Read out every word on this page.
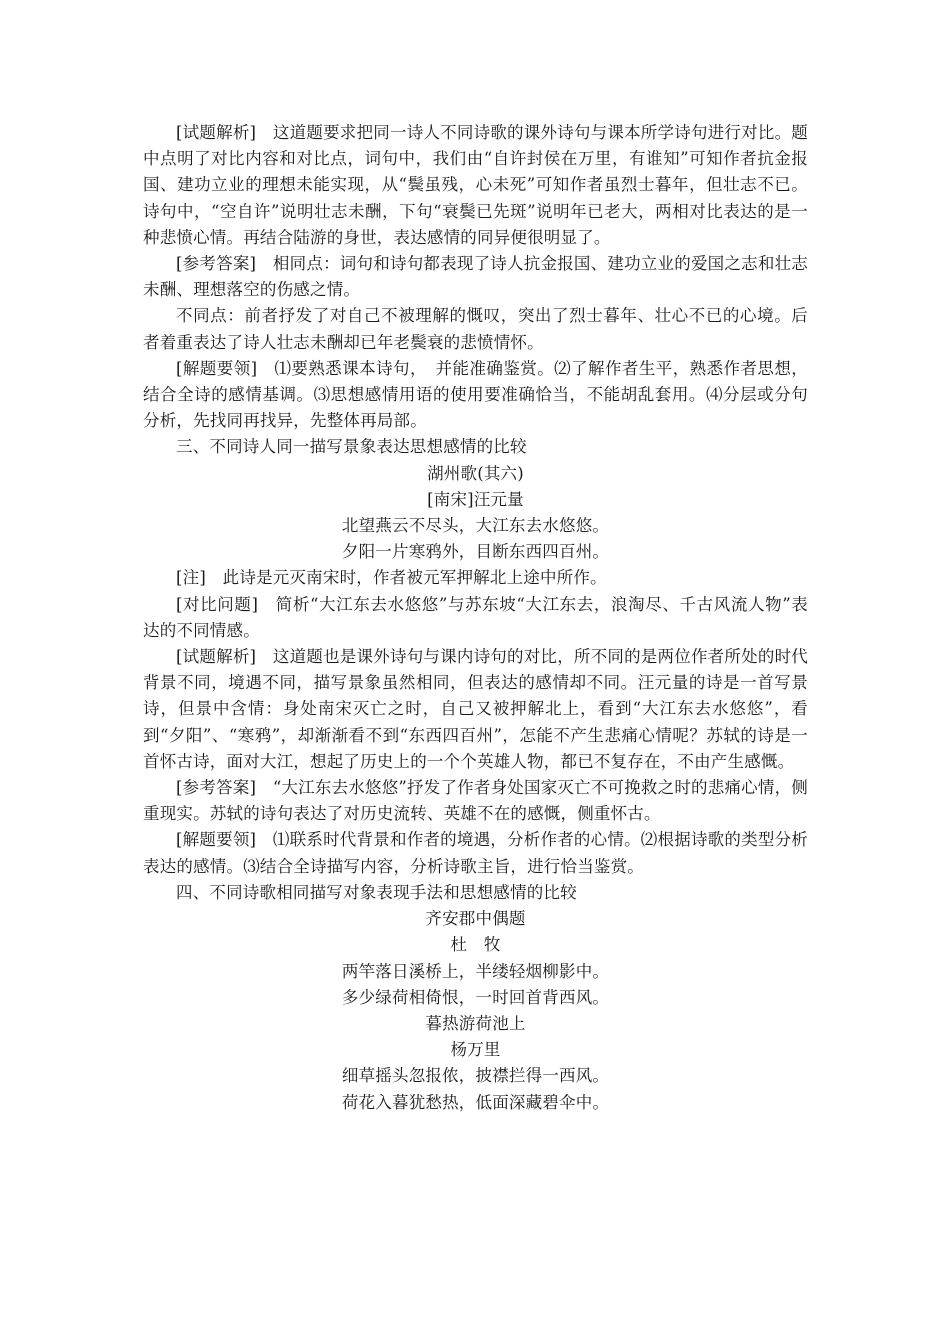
[试题解析]　这道题要求把同一诗人不同诗歌的课外诗句与课本所学诗句进行对比。题中点明了对比内容和对比点，词句中，我们由“自许封侯在万里，有谁知”可知作者抗金报国、建功立业的理想未能实现，从“鬓虽残，心未死”可知作者虽烈士暮年，但壮志不已。诗句中，“空自许”说明壮志未酬，下句“衰鬓已先斑”说明年已老大，两相对比表达的是一种悲愤心情。再结合陆游的身世，表达感情的同异便很明显了。

[参考答案]　相同点：词句和诗句都表现了诗人抗金报国、建功立业的爱国之志和壮志未酬、理想落空的伤感之情。

不同点：前者抒发了对自己不被理解的慨叹，突出了烈士暮年、壮心不已的心境。后者着重表达了诗人壮志未酬却已年老鬓衰的悲愤情怀。

[解题要领]　⑴要熟悉课本诗句，　并能准确鉴赏。⑵了解作者生平，熟悉作者思想，结合全诗的感情基调。⑶思想感情用语的使用要准确恰当，不能胡乱套用。⑷分层或分句分析，先找同再找异，先整体再局部。

三、不同诗人同一描写景象表达思想感情的比较

湖州歌(其六)

[南宋]汪元量

北望燕云不尽头，大江东去水悠悠。

夕阳一片寒鸦外，目断东西四百州。

[注]　此诗是元灭南宋时，作者被元军押解北上途中所作。

[对比问题]　简析“大江东去水悠悠”与苏东坡“大江东去，浪淘尽、千古风流人物”表达的不同情感。

[试题解析]　这道题也是课外诗句与课内诗句的对比，所不同的是两位作者所处的时代背景不同，境遇不同，描写景象虽然相同，但表达的感情却不同。汪元量的诗是一首写景诗，但景中含情：身处南宋灭亡之时，自己又被押解北上，看到“大江东去水悠悠”，看到“夕阳”、“寒鸦”，却渐渐看不到“东西四百州”，怎能不产生悲痛心情呢？苏轼的诗是一首怀古诗，面对大江，想起了历史上的一个个英雄人物，都已不复存在，不由产生感慨。

[参考答案]　“大江东去水悠悠”抒发了作者身处国家灭亡不可挽救之时的悲痛心情，侧重现实。苏轼的诗句表达了对历史流转、英雄不在的感慨，侧重怀古。

[解题要领]　⑴联系时代背景和作者的境遇，分析作者的心情。⑵根据诗歌的类型分析表达的感情。⑶结合全诗描写内容，分析诗歌主旨，进行恰当鉴赏。

四、不同诗歌相同描写对象表现手法和思想感情的比较

齐安郡中偶题

杜　牧

两竿落日溪桥上，半缕轻烟柳影中。

多少绿荷相倚恨，一时回首背西风。

暮热游荷池上

杨万里

细草摇头忽报侬，披襟拦得一西风。

荷花入暮犹愁热，低面深藏碧伞中。
